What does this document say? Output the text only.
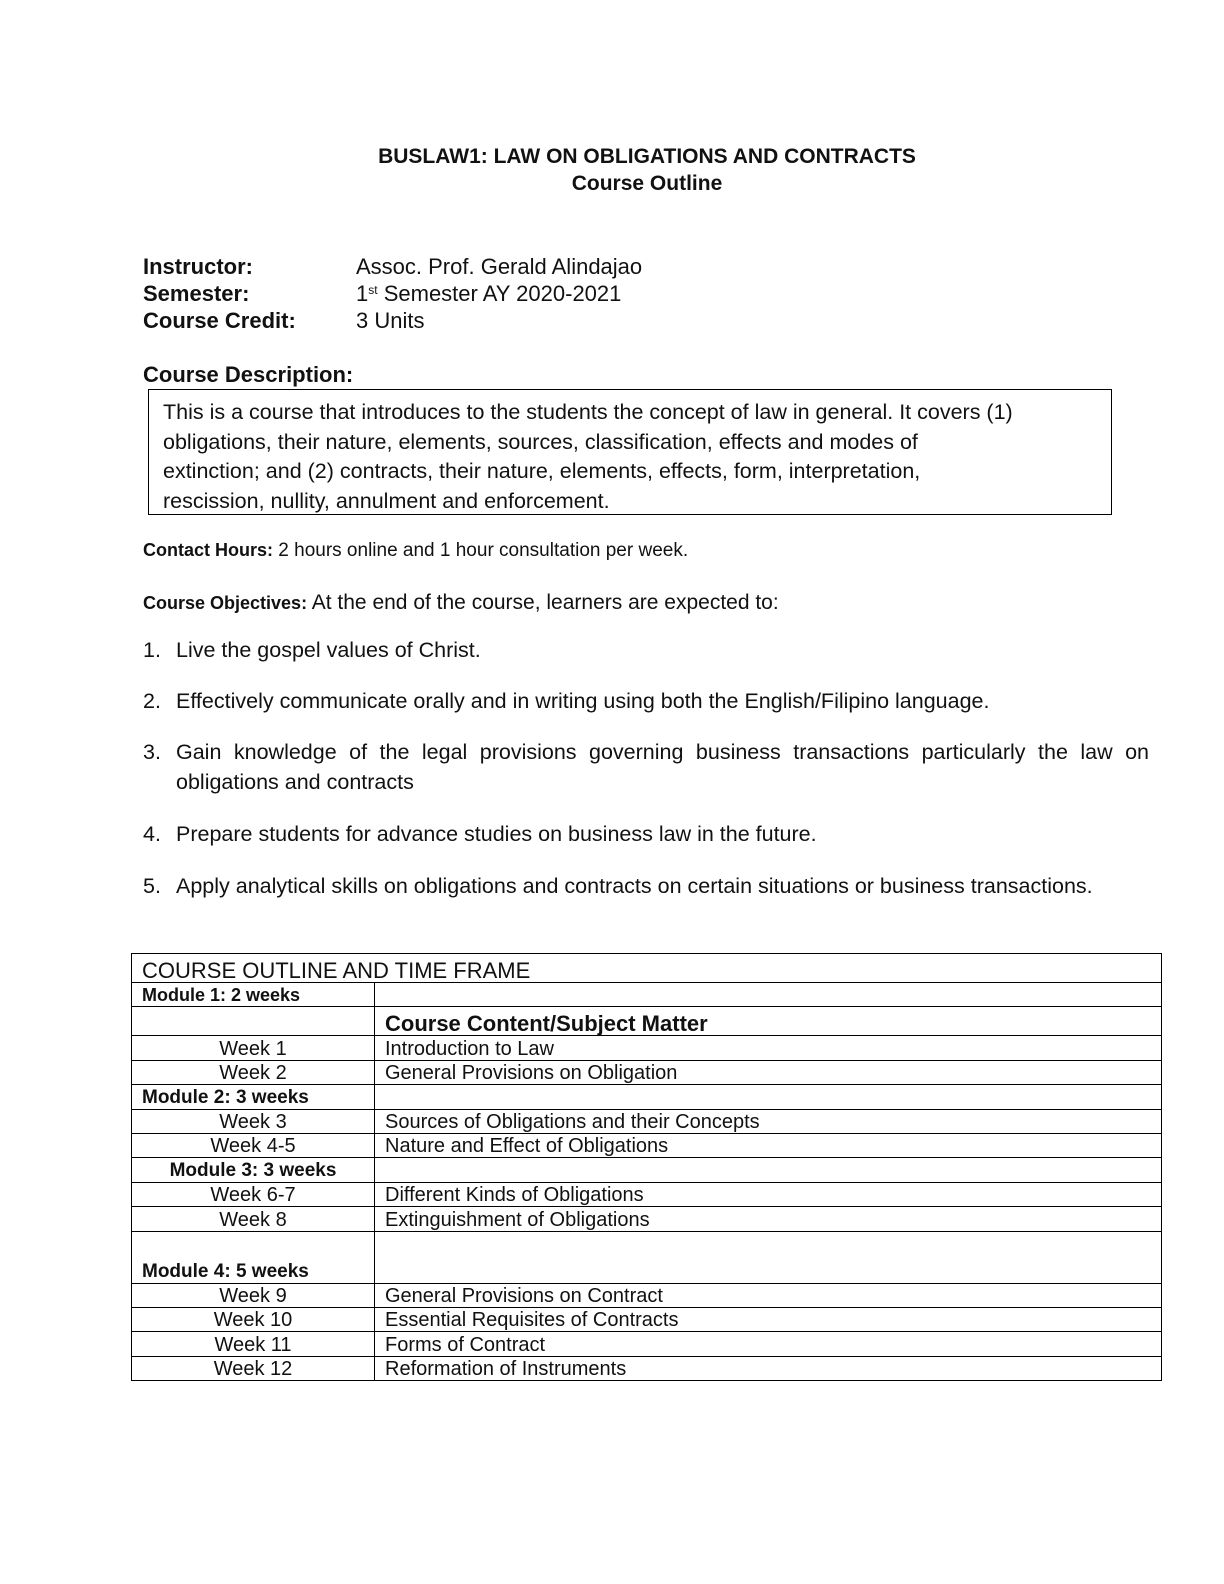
BUSLAW1: LAW ON OBLIGATIONS AND CONTRACTS
Course Outline
Instructor:	Assoc. Prof. Gerald Alindajao
Semester:	1st Semester AY 2020-2021
Course Credit:	3 Units
Course Description:
This is a course that introduces to the students the concept of law in general. It covers (1)
obligations, their nature, elements, sources, classification, effects and modes of
extinction; and (2) contracts, their nature, elements, effects, form, interpretation,
rescission, nullity, annulment and enforcement.
Contact Hours: 2 hours online and 1 hour consultation per week.
Course Objectives: At the end of the course, learners are expected to:
1. Live the gospel values of Christ.
2. Effectively communicate orally and in writing using both the English/Filipino language.
3. Gain knowledge of the legal provisions governing business transactions particularly the law on obligations and contracts
4. Prepare students for advance studies on business law in the future.
5. Apply analytical skills on obligations and contracts on certain situations or business transactions.
COURSE OUTLINE AND TIME FRAME	
Module 1: 2 weeks	
	Course Content/Subject Matter
Week 1	Introduction to Law
Week 2	General Provisions on Obligation
Module 2: 3 weeks	
Week 3	Sources of Obligations and their Concepts
Week 4-5	Nature and Effect of Obligations
Module 3: 3 weeks	
Week 6-7	Different Kinds of Obligations
Week 8	Extinguishment of Obligations
Module 4: 5 weeks	
Week 9	General Provisions on Contract
Week 10	Essential Requisites of Contracts
Week 11	Forms of Contract
Week 12	Reformation of Instruments
